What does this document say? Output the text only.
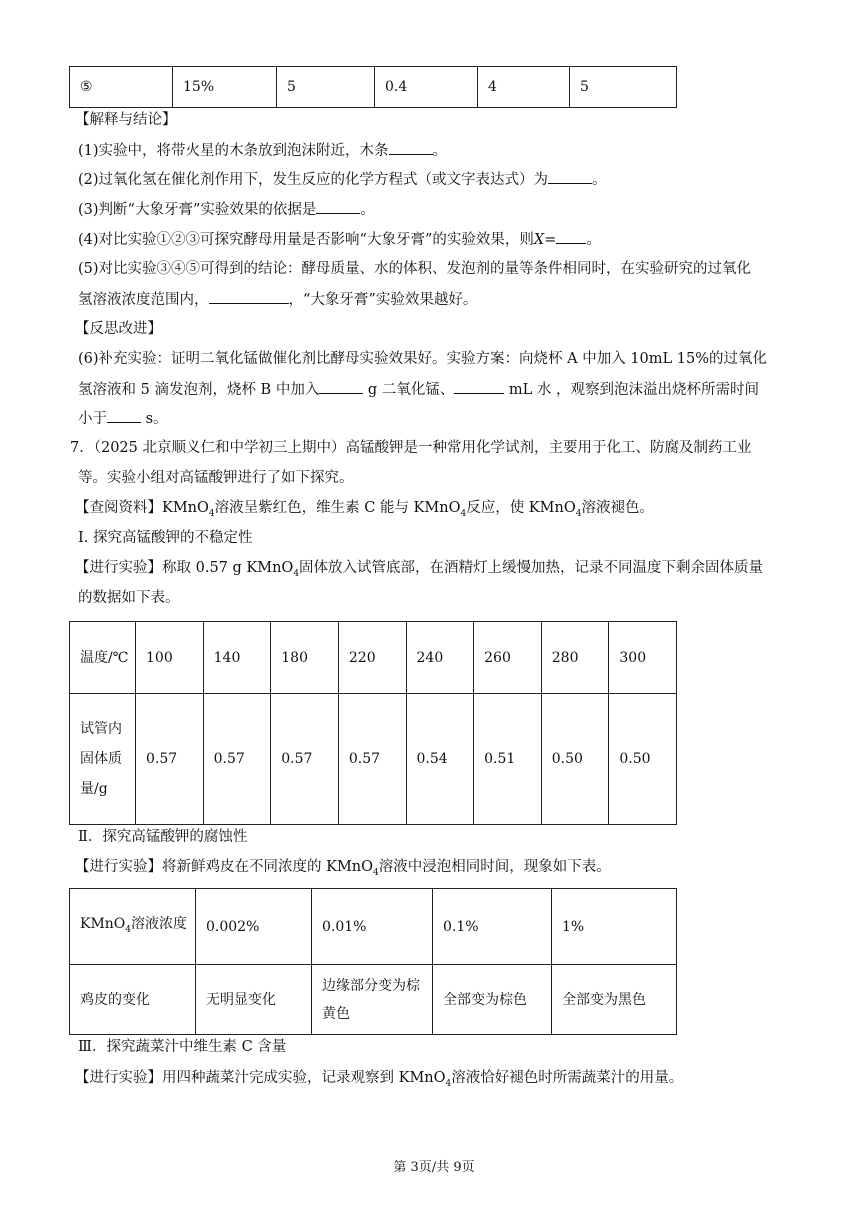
⑤	15%	5	0.4	4	5
【解释与结论】
(1)实验中，将带火星的木条放到泡沫附近，木条	。
(2)过氧化氢在催化剂作用下，发生反应的化学方程式（或文字表达式）为	。
(3)判断“大象牙膏”实验效果的依据是	。
(4)对比实验①②③可探究酵母用量是否影响“大象牙膏”的实验效果，则X= 。
(5)对比实验③④⑤可得到的结论：酵母质量、水的体积、发泡剂的量等条件相同时，在实验研究的过氧化
氢溶液浓度范围内，	，“大象牙膏”实验效果越好。
【反思改进】
(6)补充实验：证明二氧化锰做催化剂比酵母实验效果好。实验方案：向烧杯 A 中加入 10mL 15%的过氧化
氢溶液和 5 滴发泡剂，烧杯 B 中加入	g 二氧化锰、	mL 水 ，观察到泡沫溢出烧杯所需时间
小于 s。
7．（2025 北京顺义仁和中学初三上期中）高锰酸钾是一种常用化学试剂，主要用于化工、防腐及制药工业
等。实验小组对高锰酸钾进行了如下探究。
【查阅资料】KMnO$_4$溶液呈紫红色，维生素 C 能与 KMnO$_4$反应，使 KMnO$_4$溶液褪色。
I. 探究高锰酸钾的不稳定性
【进行实验】称取 0.57 g KMnO$_4$固体放入试管底部，在酒精灯上缓慢加热，记录不同温度下剩余固体质量
的数据如下表。
温度/℃	100	140	180	220	240	260	280	300
试管内固体质量/g	0.57	0.57	0.57	0.57	0.54	0.51	0.50	0.50
Ⅱ．探究高锰酸钾的腐蚀性
【进行实验】将新鲜鸡皮在不同浓度的 KMnO$_4$溶液中浸泡相同时间，现象如下表。
KMnO$_4$溶液浓度	0.002%	0.01%	0.1%	1%
鸡皮的变化	无明显变化	边缘部分变为棕黄色	全部变为棕色	全部变为黑色
Ⅲ．探究蔬菜汁中维生素 C 含量
【进行实验】用四种蔬菜汁完成实验，记录观察到 KMnO$_4$溶液恰好褪色时所需蔬菜汁的用量。
第 3页/共 9页
